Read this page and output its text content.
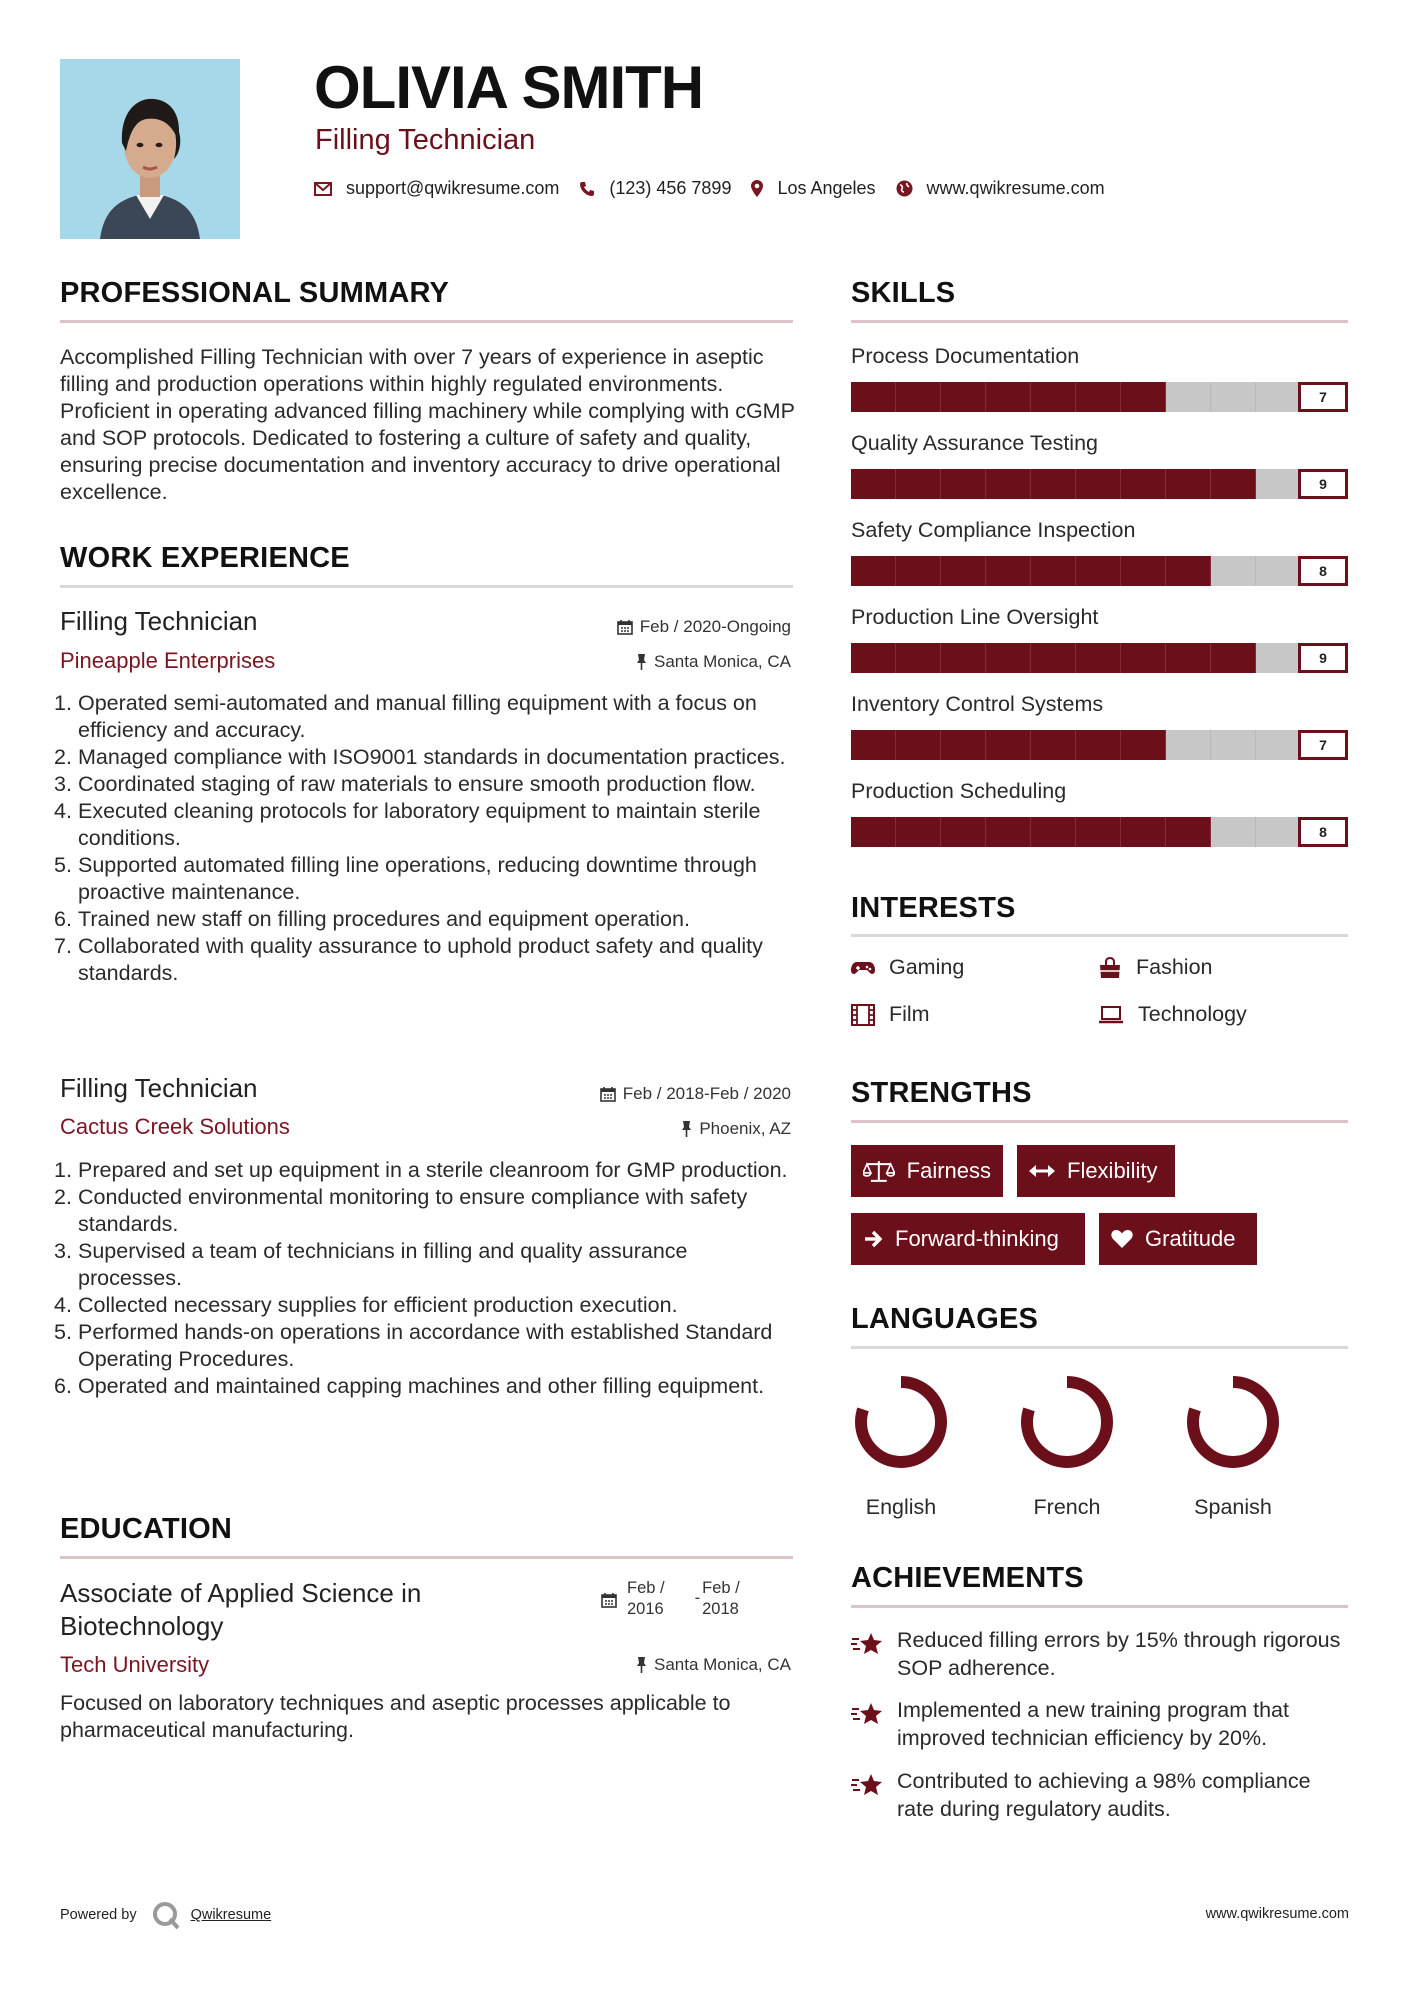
OLIVIA SMITH
Filling Technician
support@qwikresume.com	(123) 456 7899	Los Angeles	www.qwikresume.com
PROFESSIONAL SUMMARY
Accomplished Filling Technician with over 7 years of experience in aseptic filling and production operations within highly regulated environments. Proficient in operating advanced filling machinery while complying with cGMP and SOP protocols. Dedicated to fostering a culture of safety and quality, ensuring precise documentation and inventory accuracy to drive operational excellence.
WORK EXPERIENCE
Filling Technician
Pineapple Enterprises
Feb / 2020-Ongoing
Santa Monica, CA
1. Operated semi-automated and manual filling equipment with a focus on efficiency and accuracy.
2. Managed compliance with ISO9001 standards in documentation practices.
3. Coordinated staging of raw materials to ensure smooth production flow.
4. Executed cleaning protocols for laboratory equipment to maintain sterile conditions.
5. Supported automated filling line operations, reducing downtime through proactive maintenance.
6. Trained new staff on filling procedures and equipment operation.
7. Collaborated with quality assurance to uphold product safety and quality standards.
Filling Technician
Cactus Creek Solutions
Feb / 2018-Feb / 2020
Phoenix, AZ
1. Prepared and set up equipment in a sterile cleanroom for GMP production.
2. Conducted environmental monitoring to ensure compliance with safety standards.
3. Supervised a team of technicians in filling and quality assurance processes.
4. Collected necessary supplies for efficient production execution.
5. Performed hands-on operations in accordance with established Standard Operating Procedures.
6. Operated and maintained capping machines and other filling equipment.
EDUCATION
Associate of Applied Science in Biotechnology
Feb /
2016
-
Feb /
2018
Tech University	Santa Monica, CA
Focused on laboratory techniques and aseptic processes applicable to pharmaceutical manufacturing.
SKILLS
Process Documentation
7
Quality Assurance Testing
9
Safety Compliance Inspection
8
Production Line Oversight
9
Inventory Control Systems
7
Production Scheduling
8
INTERESTS
Gaming	Fashion
Film	Technology
STRENGTHS
Fairness	Flexibility
Forward-thinking	Gratitude
LANGUAGES
English	French	Spanish
ACHIEVEMENTS
Reduced filling errors by 15% through rigorous SOP adherence.
Implemented a new training program that improved technician efficiency by 20%.
Contributed to achieving a 98% compliance rate during regulatory audits.
Powered by	Qwikresume	www.qwikresume.com
